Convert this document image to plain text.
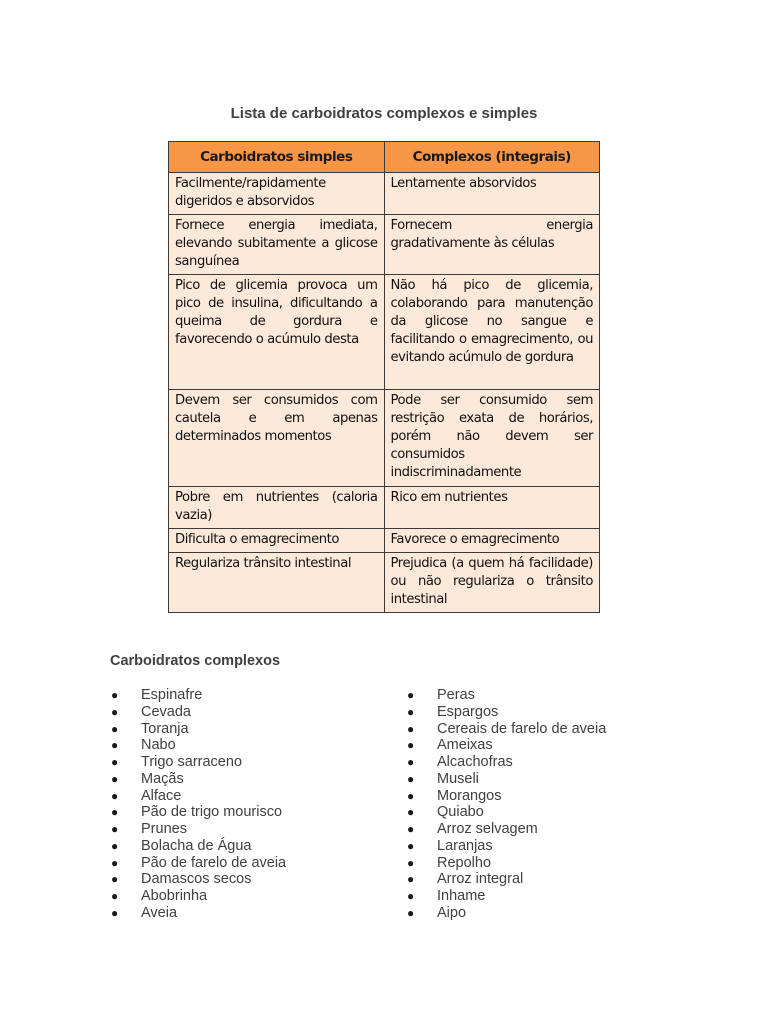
Lista de carboidratos complexos e simples
Carboidratos simples	Complexos (integrais)
Facilmente/rapidamente digeridos e absorvidos	Lentamente absorvidos
Fornece energia imediata, elevando subitamente a glicose sanguínea	Fornecem energia gradativamente às células
Pico de glicemia provoca um pico de insulina, dificultando a queima de gordura e favorecendo o acúmulo desta	Não há pico de glicemia, colaborando para manutenção da glicose no sangue e facilitando o emagrecimento, ou evitando acúmulo de gordura
Devem ser consumidos com cautela e em apenas determinados momentos	Pode ser consumido sem restrição exata de horários, porém não devem ser consumidos indiscriminadamente
Pobre em nutrientes (caloria vazia)	Rico em nutrientes
Dificulta o emagrecimento	Favorece o emagrecimento
Regulariza trânsito intestinal	Prejudica (a quem há facilidade) ou não regulariza o trânsito intestinal
Carboidratos complexos
● Espinafre
● Cevada
● Toranja
● Nabo
● Trigo sarraceno
● Maçãs
● Alface
● Pão de trigo mourisco
● Prunes
● Bolacha de Água
● Pão de farelo de aveia
● Damascos secos
● Abobrinha
● Aveia
● Peras
● Espargos
● Cereais de farelo de aveia
● Ameixas
● Alcachofras
● Museli
● Morangos
● Quiabo
● Arroz selvagem
● Laranjas
● Repolho
● Arroz integral
● Inhame
● Aipo
